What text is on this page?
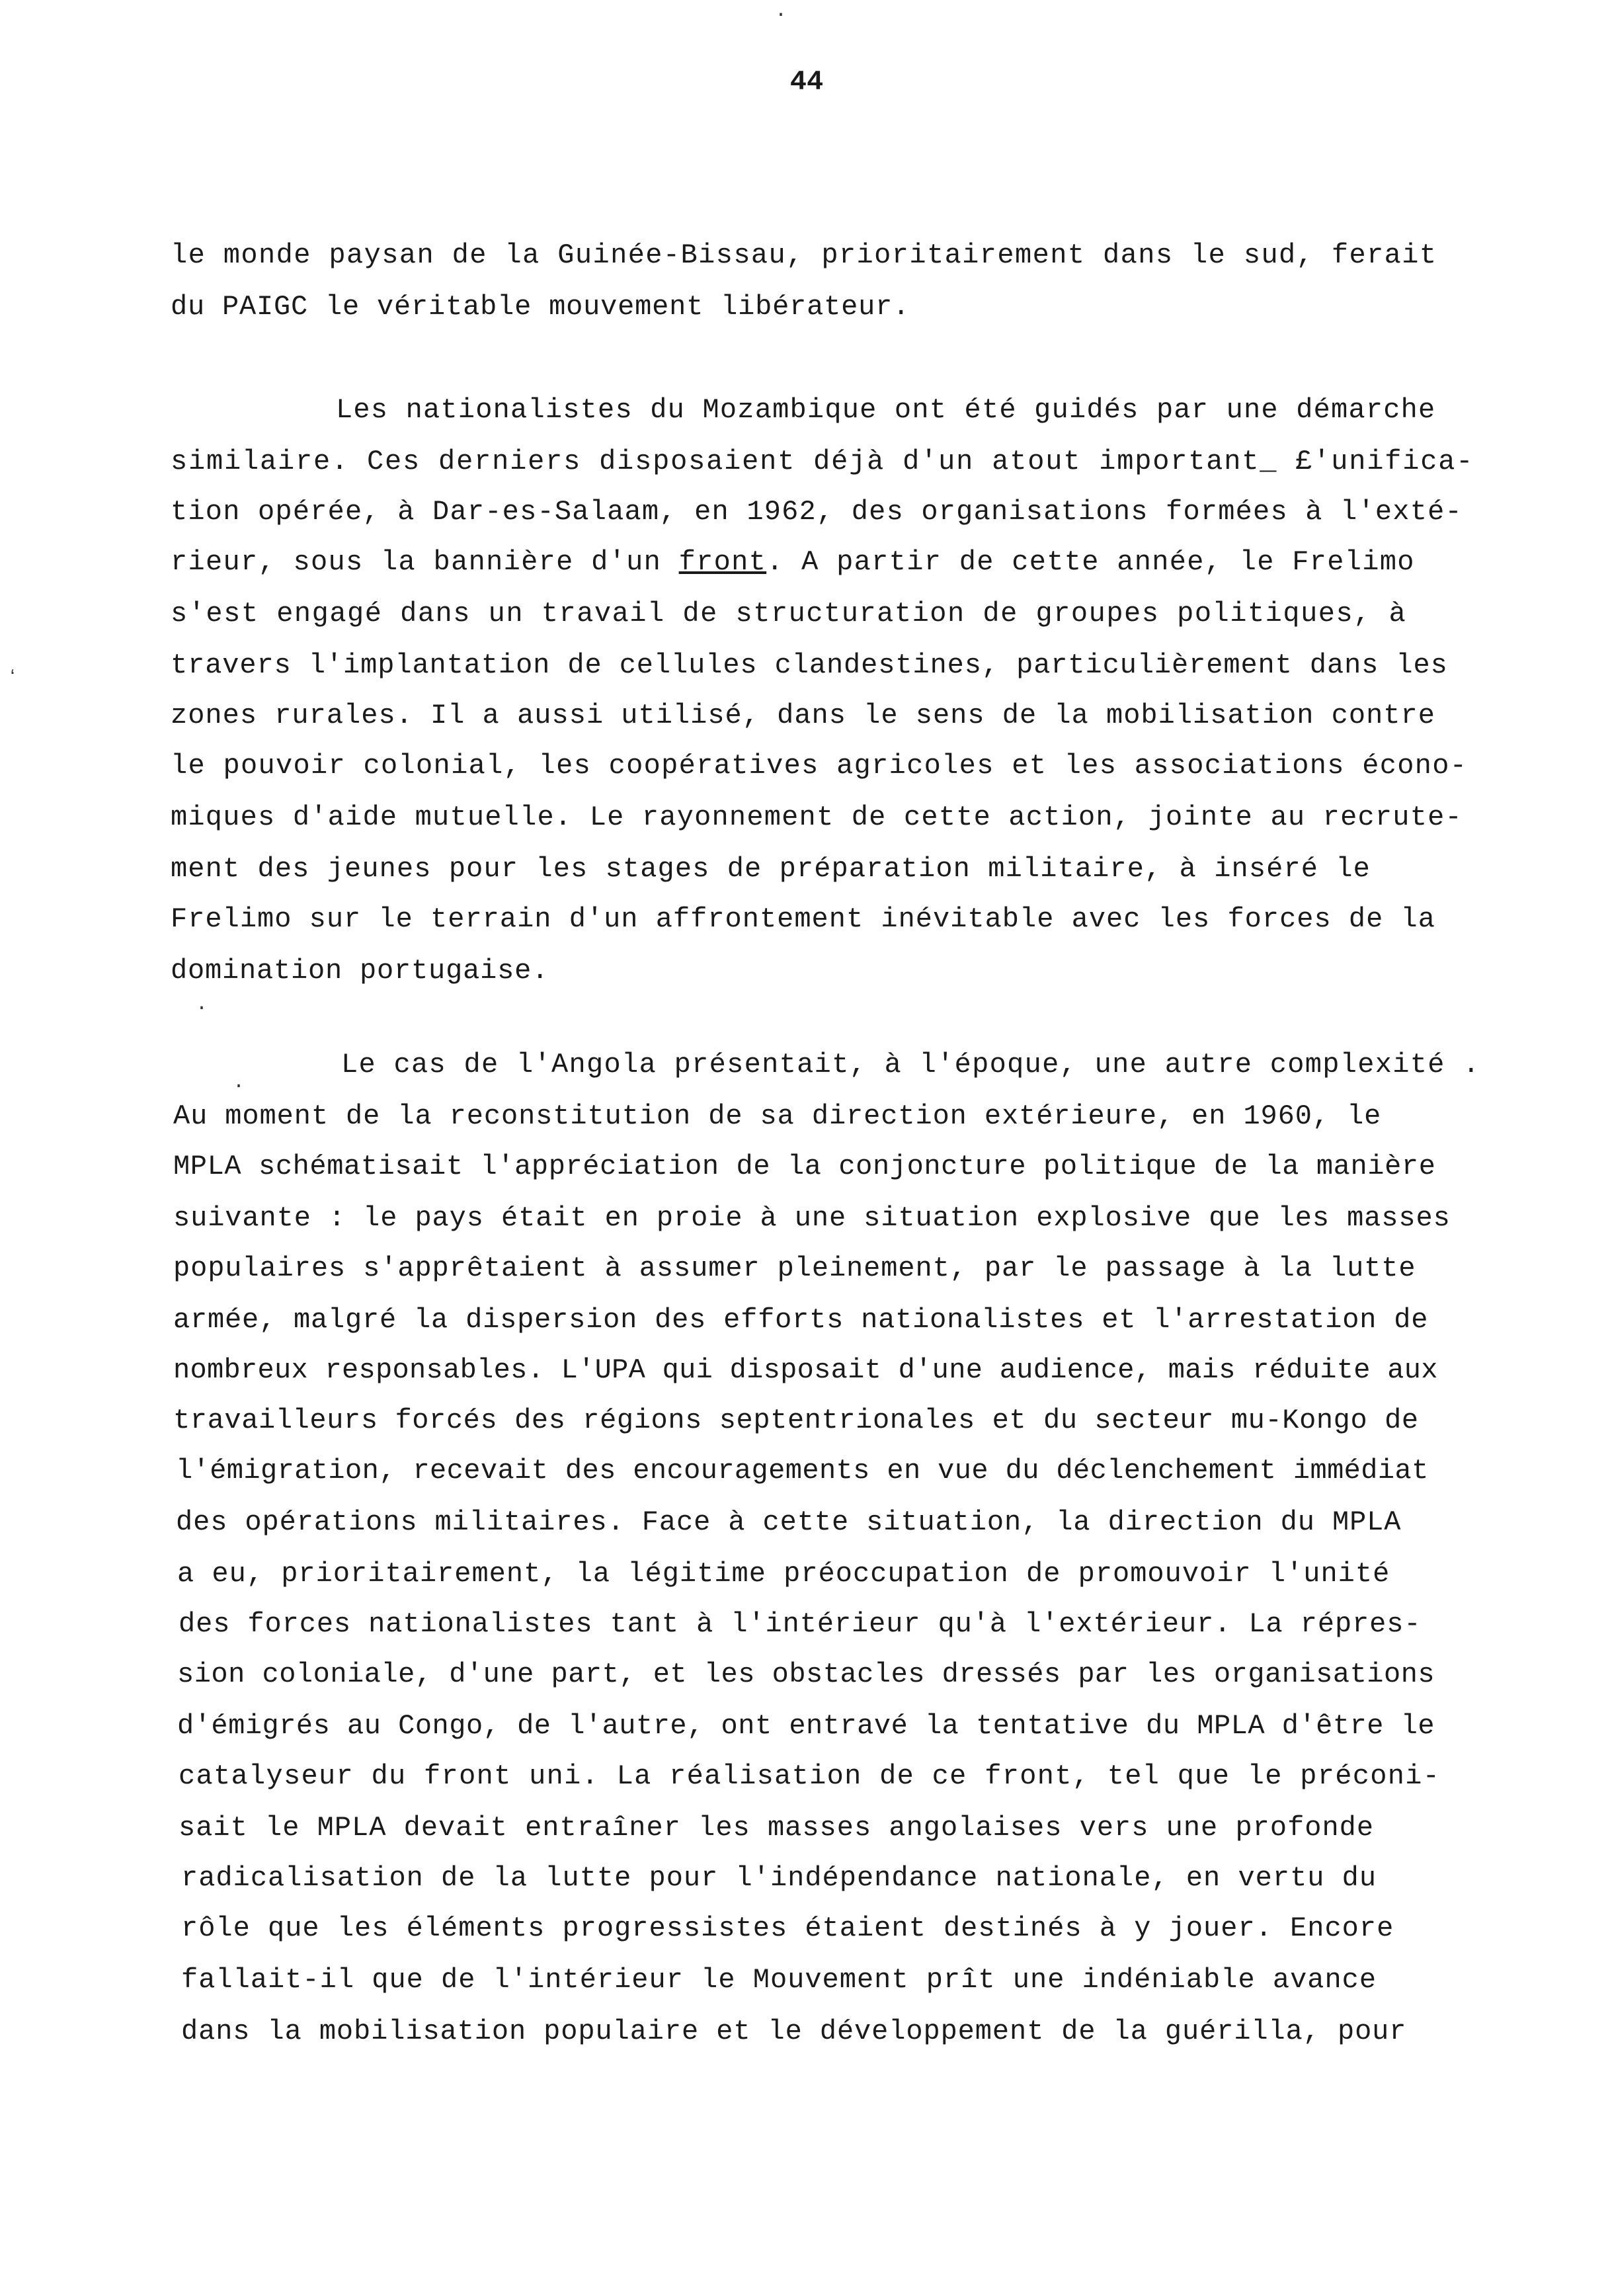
44
le monde paysan de la Guinée-Bissau, prioritairement dans le sud, ferait
du PAIGC le véritable mouvement libérateur.
Les nationalistes du Mozambique ont été guidés par une démarche
similaire. Ces derniers disposaient déjà d'un atout important_ £'unifica-
tion opérée, à Dar-es-Salaam, en 1962, des organisations formées à l'exté-
rieur, sous la bannière d'un front. A partir de cette année, le Frelimo
s'est engagé dans un travail de structuration de groupes politiques, à
travers l'implantation de cellules clandestines, particulièrement dans les
zones rurales. Il a aussi utilisé, dans le sens de la mobilisation contre
le pouvoir colonial, les coopératives agricoles et les associations écono-
miques d'aide mutuelle. Le rayonnement de cette action, jointe au recrute-
ment des jeunes pour les stages de préparation militaire, à inséré le
Frelimo sur le terrain d'un affrontement inévitable avec les forces de la
domination portugaise.
Le cas de l'Angola présentait, à l'époque, une autre complexité .
Au moment de la reconstitution de sa direction extérieure, en 1960, le
MPLA schématisait l'appréciation de la conjoncture politique de la manière
suivante : le pays était en proie à une situation explosive que les masses
populaires s'apprêtaient à assumer pleinement, par le passage à la lutte
armée, malgré la dispersion des efforts nationalistes et l'arrestation de
nombreux responsables. L'UPA qui disposait d'une audience, mais réduite aux
travailleurs forcés des régions septentrionales et du secteur mu-Kongo de
l'émigration, recevait des encouragements en vue du déclenchement immédiat
des opérations militaires. Face à cette situation, la direction du MPLA
a eu, prioritairement, la légitime préoccupation de promouvoir l'unité
des forces nationalistes tant à l'intérieur qu'à l'extérieur. La répres-
sion coloniale, d'une part, et les obstacles dressés par les organisations
d'émigrés au Congo, de l'autre, ont entravé la tentative du MPLA d'être le
catalyseur du front uni. La réalisation de ce front, tel que le préconi-
sait le MPLA devait entraîner les masses angolaises vers une profonde
radicalisation de la lutte pour l'indépendance nationale, en vertu du
rôle que les éléments progressistes étaient destinés à y jouer. Encore
fallait-il que de l'intérieur le Mouvement prît une indéniable avance
dans la mobilisation populaire et le développement de la guérilla, pour
·
ʻ
·
·
